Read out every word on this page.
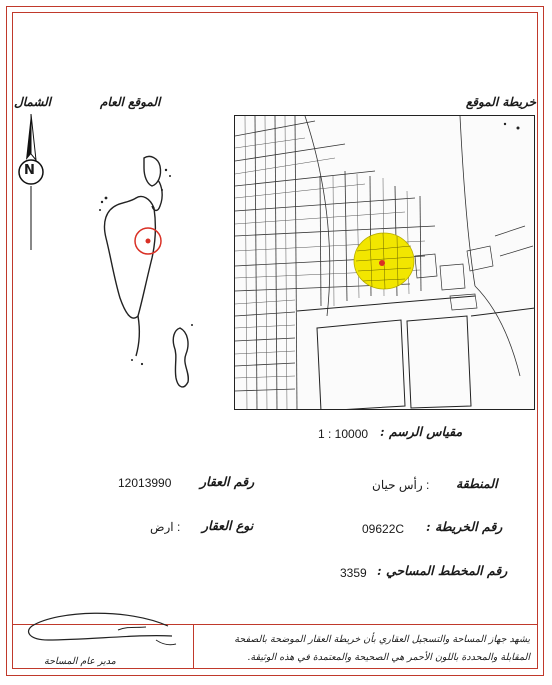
خريطة الموقع
الموقع العام
الشمال
N
مقياس الرسم :
1 : 10000
المنطقة
: رأس حيان
رقم العقار
12013990
رقم الخريطة :
09622C
نوع العقار
: ارض
رقم المخطط المساحي :
3359
يشهد جهاز المساحة والتسجيل العقاري بأن خريطة العقار الموضحة بالصفحة
المقابلة والمحددة باللون الأحمر هي الصحيحة والمعتمدة في هذه الوثيقة.
مدير عام المساحة
